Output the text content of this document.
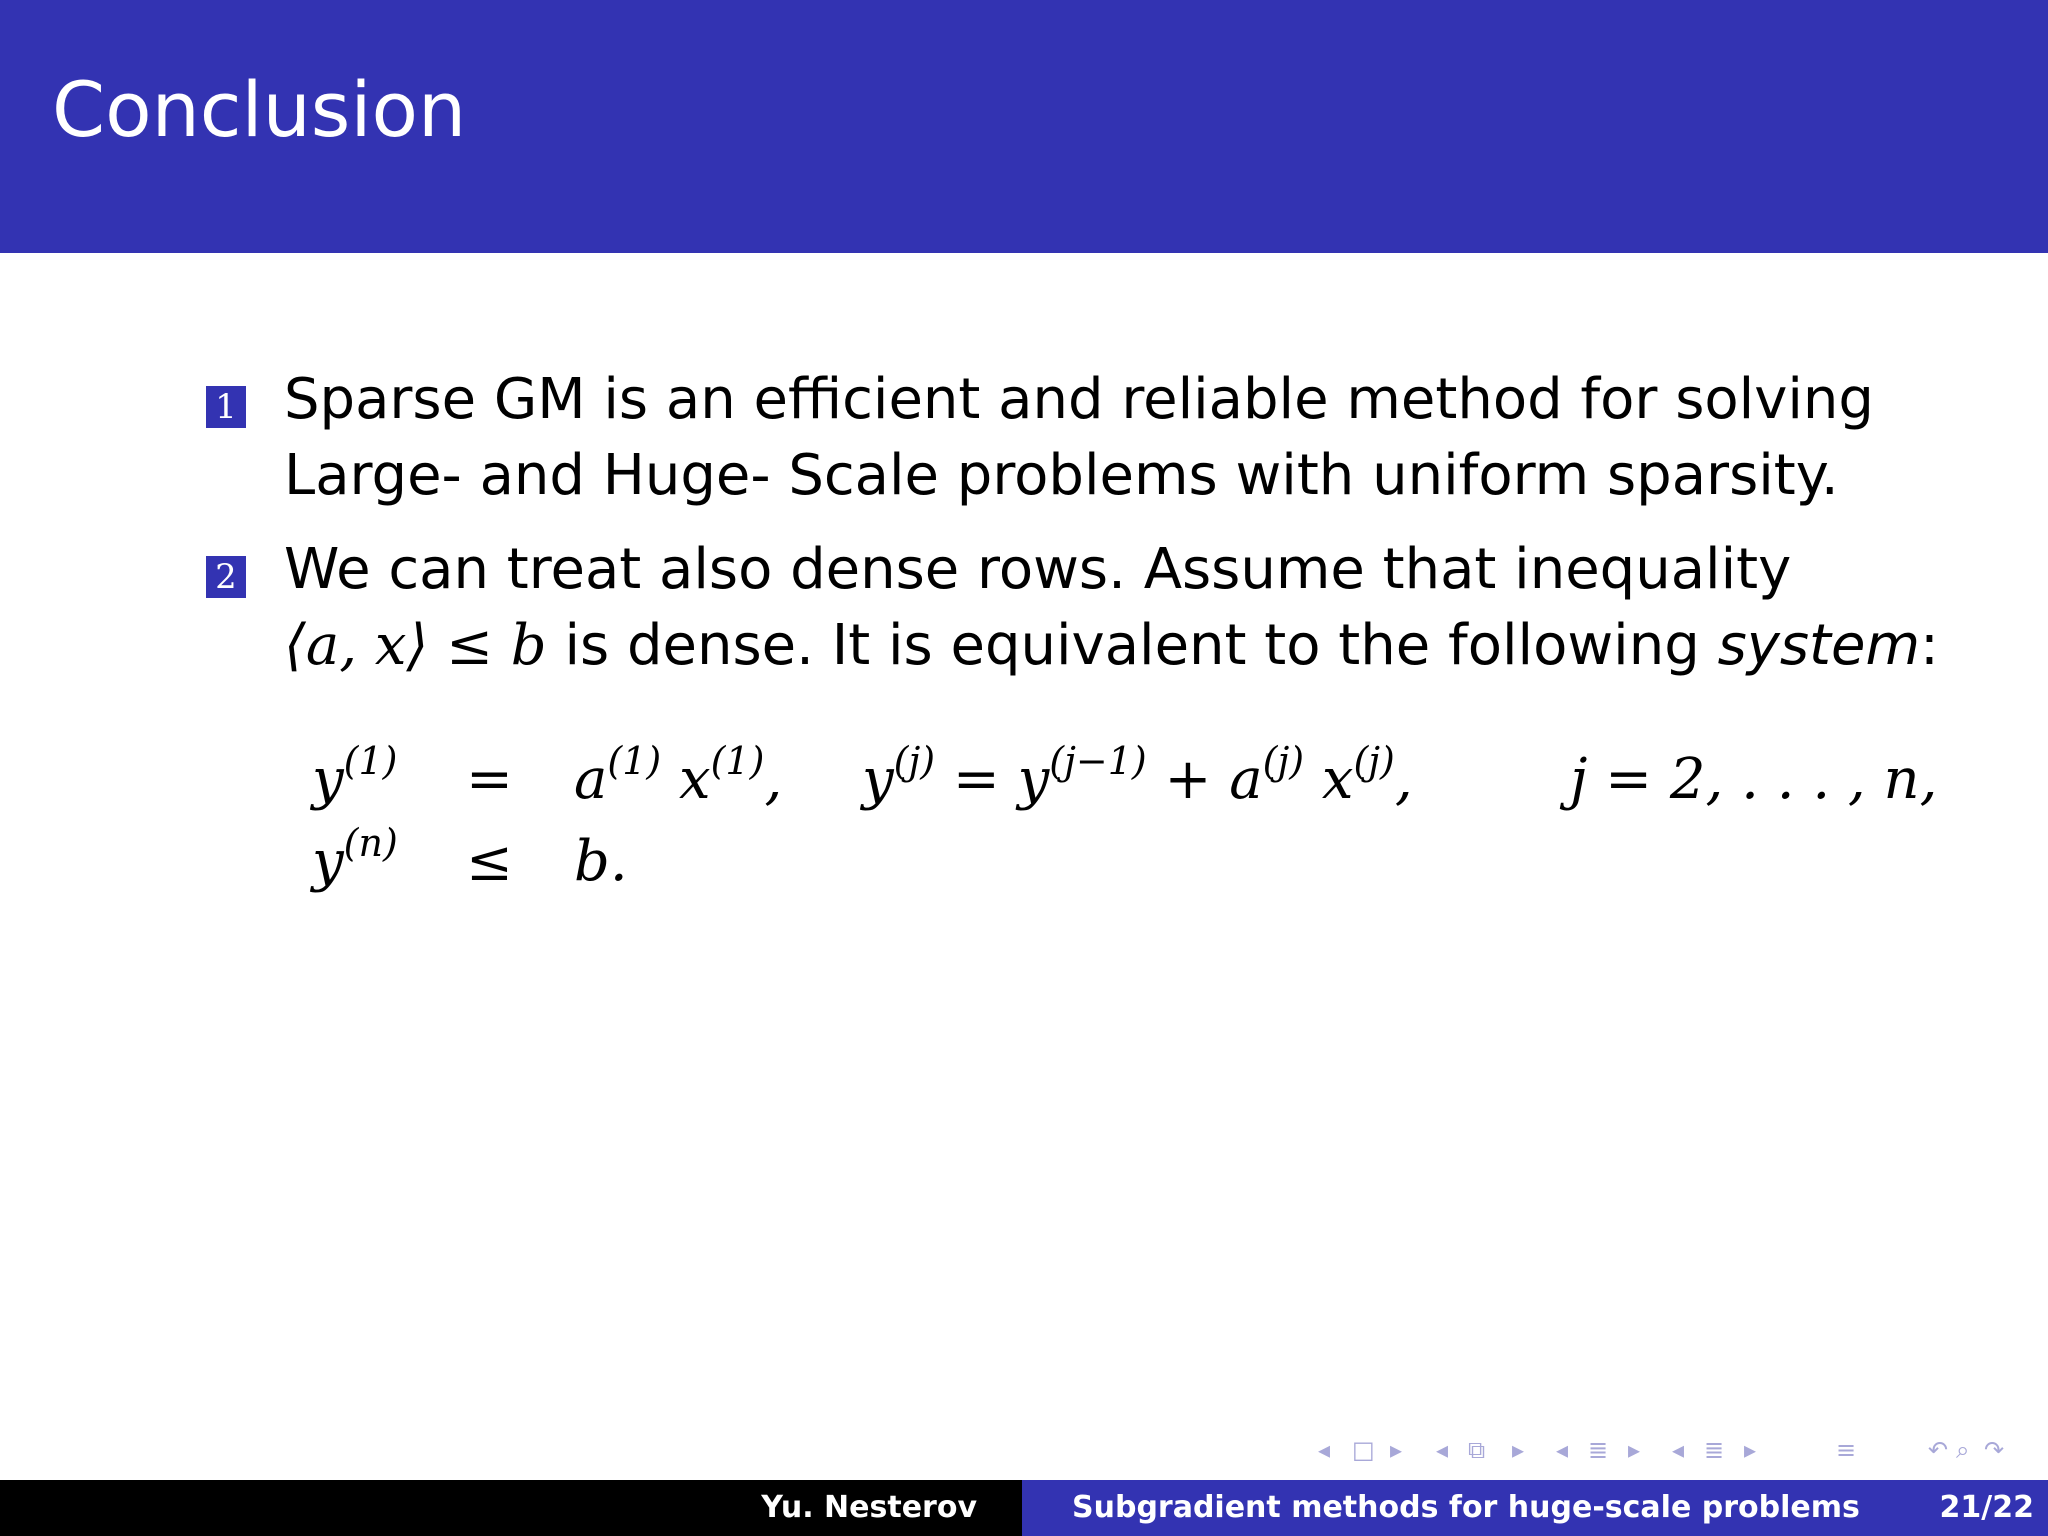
Conclusion
1 Sparse GM is an efficient and reliable method for solving
Large- and Huge- Scale problems with uniform sparsity.
2 We can treat also dense rows. Assume that inequality
⟨a, x⟩ ≤ b is dense. It is equivalent to the following system:
$y^{(1)} = a^{(1)}$ $x^{(1)}$, $y^{(j)} = y^{(j-1)} + a^{(j)}$ $x^{(j)}$,	j = 2, . . . , n,
$y^{(n)} \le b$.
◂ □ ▸ ◂ ⧉ ▸ ◂ ≣ ▸ ◂ ≣ ▸	≡	↶ ⌕ ↷
Yu. Nesterov	Subgradient methods for huge-scale problems	21/22
